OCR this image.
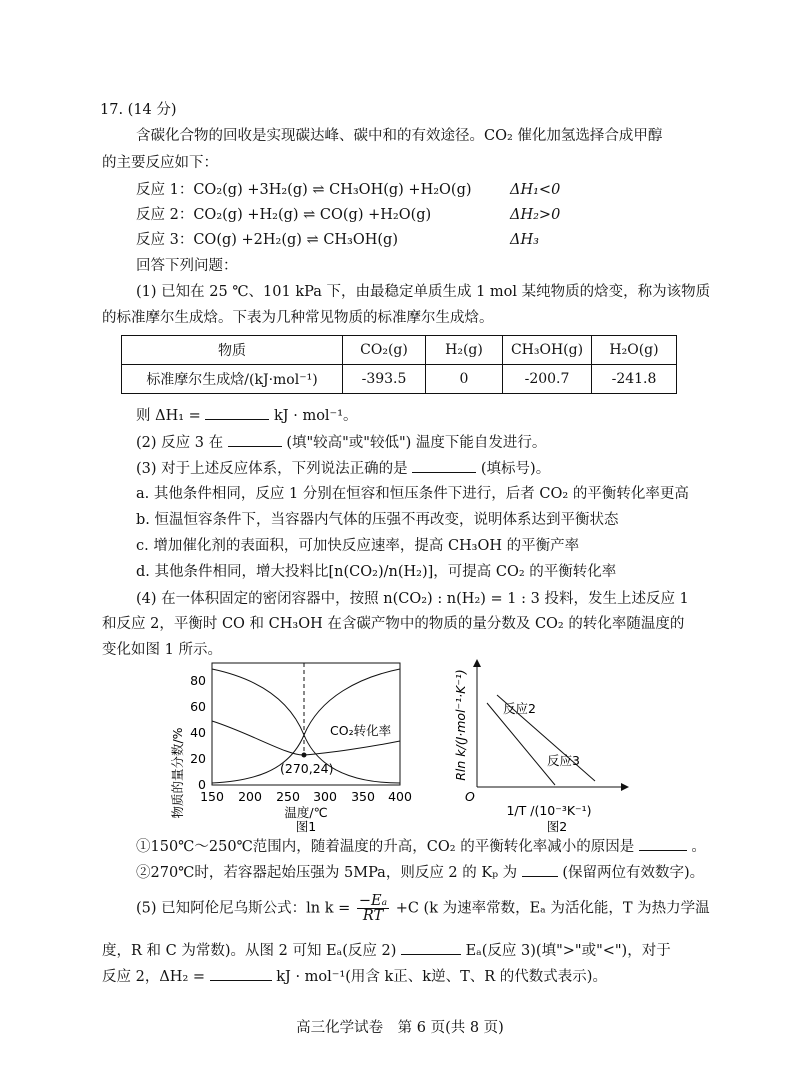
17. (14 分)
含碳化合物的回收是实现碳达峰、碳中和的有效途径。CO₂ 催化加氢选择合成甲醇
的主要反应如下：
反应 1：CO₂(g) +3H₂(g) ⇌ CH₃OH(g) +H₂O(g)	ΔH₁<0
反应 2：CO₂(g) +H₂(g) ⇌ CO(g) +H₂O(g)	ΔH₂>0
反应 3：CO(g) +2H₂(g) ⇌ CH₃OH(g)	ΔH₃
回答下列问题：
(1) 已知在 25 ℃、101 kPa 下，由最稳定单质生成 1 mol 某纯物质的焓变，称为该物质
的标准摩尔生成焓。下表为几种常见物质的标准摩尔生成焓。
物质	CO₂(g)	H₂(g)	CH₃OH(g)	H₂O(g)
标准摩尔生成焓/(kJ·mol⁻¹)	-393.5	0	-200.7	-241.8
则 ΔH₁ =	kJ · mol⁻¹。
(2) 反应 3 在	(填"较高"或"较低") 温度下能自发进行。
(3) 对于上述反应体系，下列说法正确的是	(填标号)。
a. 其他条件相同，反应 1 分别在恒容和恒压条件下进行，后者 CO₂ 的平衡转化率更高
b. 恒温恒容条件下，当容器内气体的压强不再改变，说明体系达到平衡状态
c. 增加催化剂的表面积，可加快反应速率，提高 CH₃OH 的平衡产率
d. 其他条件相同，增大投料比[n(CO₂)/n(H₂)]，可提高 CO₂ 的平衡转化率
(4) 在一体积固定的密闭容器中，按照 n(CO₂) : n(H₂) = 1 : 3 投料，发生上述反应 1
和反应 2，平衡时 CO 和 CH₃OH 在含碳产物中的物质的量分数及 CO₂ 的转化率随温度的
变化如图 1 所示。
物质的量分数/% 0
20
40
60
80
150 200 250 300 350 400
CO₂转化率
(270,24)
温度/℃
图1
Rln k/(J·mol⁻¹·K⁻¹)
O
反应2
反应3
1/T /(10⁻³K⁻¹)
图2
①150℃～250℃范围内，随着温度的升高，CO₂ 的平衡转化率减小的原因是	。
②270℃时，若容器起始压强为 5MPa，则反应 2 的 Kₚ 为	(保留两位有效数字)。
(5) 已知阿伦尼乌斯公式：$\ln k = \frac{\text{−Eₐ}}{RT} +C$ (k 为速率常数，Eₐ 为活化能，T 为热力学温
度，R 和 C 为常数)。从图 2 可知 Eₐ(反应 2)	Eₐ(反应 3)(填">"或"<")，对于
反应 2，ΔH₂ =	kJ · mol⁻¹(用含 k正、k逆、T、R 的代数式表示)。
高三化学试卷　第 6 页(共 8 页)
